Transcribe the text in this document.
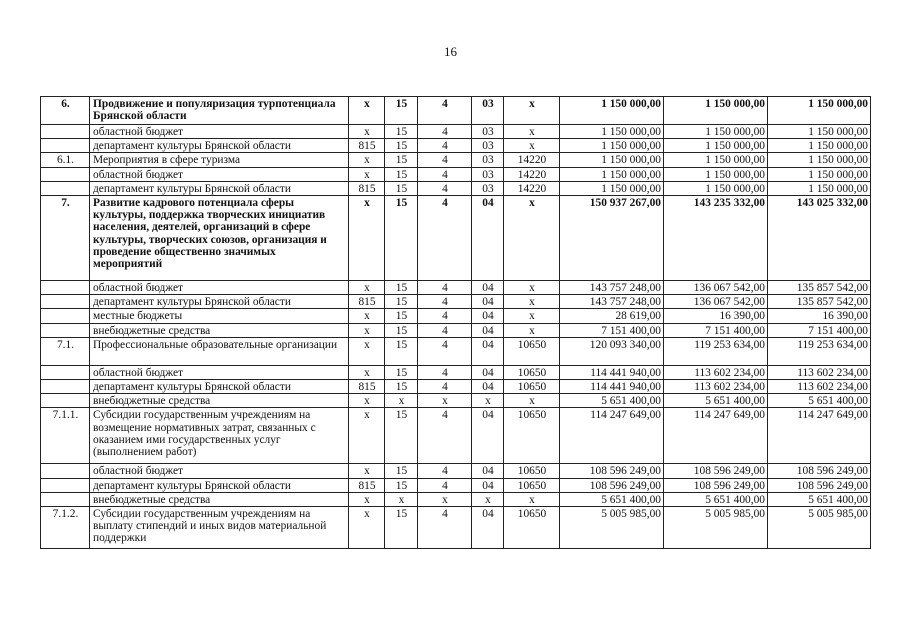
16
6.	Продвижение и популяризация турпотенциала Брянской области	x	15	4	03	x	1 150 000,00	1 150 000,00	1 150 000,00
	областной бюджет	x	15	4	03	x	1 150 000,00	1 150 000,00	1 150 000,00
	департамент культуры Брянской области	815	15	4	03	x	1 150 000,00	1 150 000,00	1 150 000,00
6.1.	Мероприятия в сфере туризма	x	15	4	03	14220	1 150 000,00	1 150 000,00	1 150 000,00
	областной бюджет	x	15	4	03	14220	1 150 000,00	1 150 000,00	1 150 000,00
	департамент культуры Брянской области	815	15	4	03	14220	1 150 000,00	1 150 000,00	1 150 000,00
7.	Развитие кадрового потенциала сферы культуры, поддержка творческих инициатив населения, деятелей, организаций в сфере культуры, творческих союзов, организация и проведение общественно значимых мероприятий	x	15	4	04	x	150 937 267,00	143 235 332,00	143 025 332,00
	областной бюджет	x	15	4	04	x	143 757 248,00	136 067 542,00	135 857 542,00
	департамент культуры Брянской области	815	15	4	04	x	143 757 248,00	136 067 542,00	135 857 542,00
	местные бюджеты	x	15	4	04	x	28 619,00	16 390,00	16 390,00
	внебюджетные средства	x	15	4	04	x	7 151 400,00	7 151 400,00	7 151 400,00
7.1.	Профессиональные образовательные организации	x	15	4	04	10650	120 093 340,00	119 253 634,00	119 253 634,00
	областной бюджет	x	15	4	04	10650	114 441 940,00	113 602 234,00	113 602 234,00
	департамент культуры Брянской области	815	15	4	04	10650	114 441 940,00	113 602 234,00	113 602 234,00
	внебюджетные средства	x	x	x	x	x	5 651 400,00	5 651 400,00	5 651 400,00
7.1.1.	Субсидии государственным учреждениям на возмещение нормативных затрат, связанных с оказанием ими государственных услуг (выполнением работ)	x	15	4	04	10650	114 247 649,00	114 247 649,00	114 247 649,00
	областной бюджет	x	15	4	04	10650	108 596 249,00	108 596 249,00	108 596 249,00
	департамент культуры Брянской области	815	15	4	04	10650	108 596 249,00	108 596 249,00	108 596 249,00
	внебюджетные средства	x	x	x	x	x	5 651 400,00	5 651 400,00	5 651 400,00
7.1.2.	Субсидии государственным учреждениям на выплату стипендий и иных видов материальной поддержки	x	15	4	04	10650	5 005 985,00	5 005 985,00	5 005 985,00
